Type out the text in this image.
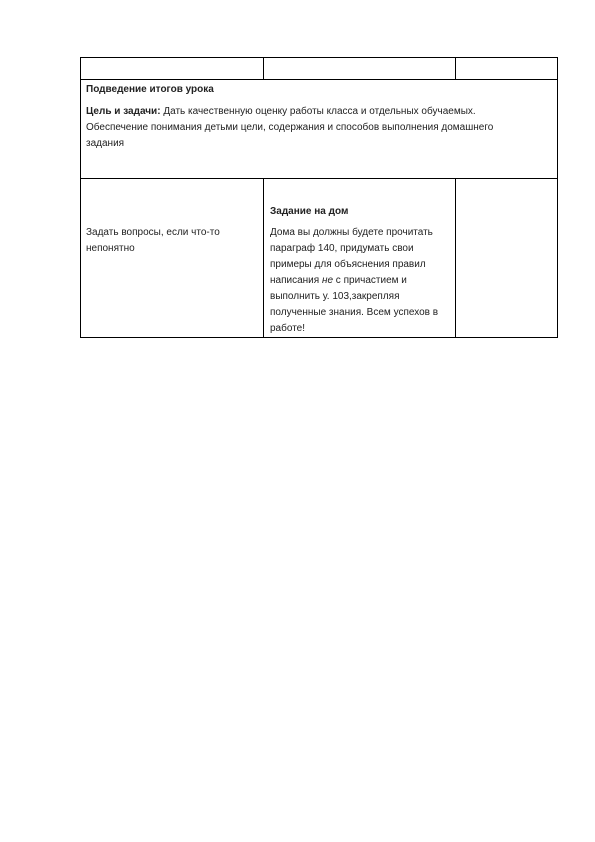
Подведение итогов урока
Цель и задачи: Дать качественную оценку работы класса и отдельных обучаемых. Обеспечение понимания детьми цели, содержания и способов выполнения домашнего задания
Задать вопросы, если что-то непонятно
Задание на дом
Дома вы должны будете прочитать параграф 140, придумать свои примеры для объяснения правил написания не с причастием и выполнить у. 103,закрепляя полученные знания. Всем успехов в работе!
